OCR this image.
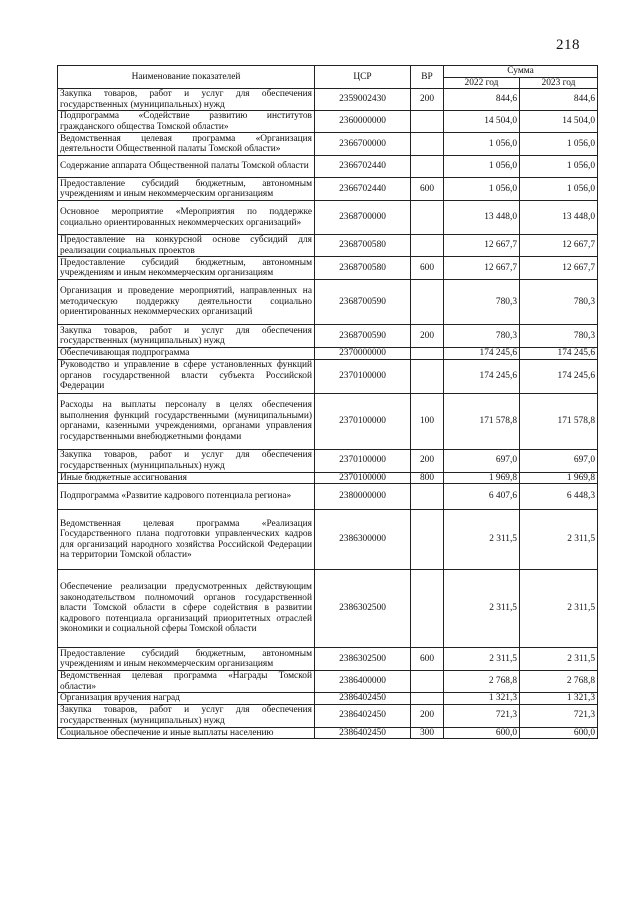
218
Наименование показателей	ЦСР	ВР	Сумма	
			2022 год	2023 год
Закупка товаров, работ и услуг для обеспечения государственных (муниципальных) нужд	2359002430	200	844,6	844,6
Подпрограмма «Содействие развитию институтов гражданского общества Томской области»	2360000000		14 504,0	14 504,0
Ведомственная целевая программа «Организация деятельности Общественной палаты Томской области»	2366700000		1 056,0	1 056,0
Содержание аппарата Общественной палаты Томской области	2366702440		1 056,0	1 056,0
Предоставление субсидий бюджетным, автономным учреждениям и иным некоммерческим организациям	2366702440	600	1 056,0	1 056,0
Основное мероприятие «Мероприятия по поддержке социально ориентированных некоммерческих организаций»	2368700000		13 448,0	13 448,0
Предоставление на конкурсной основе субсидий для реализации социальных проектов	2368700580		12 667,7	12 667,7
Предоставление субсидий бюджетным, автономным учреждениям и иным некоммерческим организациям	2368700580	600	12 667,7	12 667,7
Организация и проведение мероприятий, направленных на методическую поддержку деятельности социально ориентированных некоммерческих организаций	2368700590		780,3	780,3
Закупка товаров, работ и услуг для обеспечения государственных (муниципальных) нужд	2368700590	200	780,3	780,3
Обеспечивающая подпрограмма	2370000000		174 245,6	174 245,6
Руководство и управление в сфере установленных функций органов государственной власти субъекта Российской Федерации	2370100000		174 245,6	174 245,6
Расходы на выплаты персоналу в целях обеспечения выполнения функций государственными (муниципальными) органами, казенными учреждениями, органами управления государственными внебюджетными фондами	2370100000	100	171 578,8	171 578,8
Закупка товаров, работ и услуг для обеспечения государственных (муниципальных) нужд	2370100000	200	697,0	697,0
Иные бюджетные ассигнования	2370100000	800	1 969,8	1 969,8
Подпрограмма «Развитие кадрового потенциала региона»	2380000000		6 407,6	6 448,3
Ведомственная целевая программа «Реализация Государственного плана подготовки управленческих кадров для организаций народного хозяйства Российской Федерации на территории Томской области»	2386300000		2 311,5	2 311,5
Обеспечение реализации предусмотренных действующим законодательством полномочий органов государственной власти Томской области в сфере содействия в развитии кадрового потенциала организаций приоритетных отраслей экономики и социальной сферы Томской области	2386302500		2 311,5	2 311,5
Предоставление субсидий бюджетным, автономным учреждениям и иным некоммерческим организациям	2386302500	600	2 311,5	2 311,5
Ведомственная целевая программа «Награды Томской области»	2386400000		2 768,8	2 768,8
Организация вручения наград	2386402450		1 321,3	1 321,3
Закупка товаров, работ и услуг для обеспечения государственных (муниципальных) нужд	2386402450	200	721,3	721,3
Социальное обеспечение и иные выплаты населению	2386402450	300	600,0	600,0
